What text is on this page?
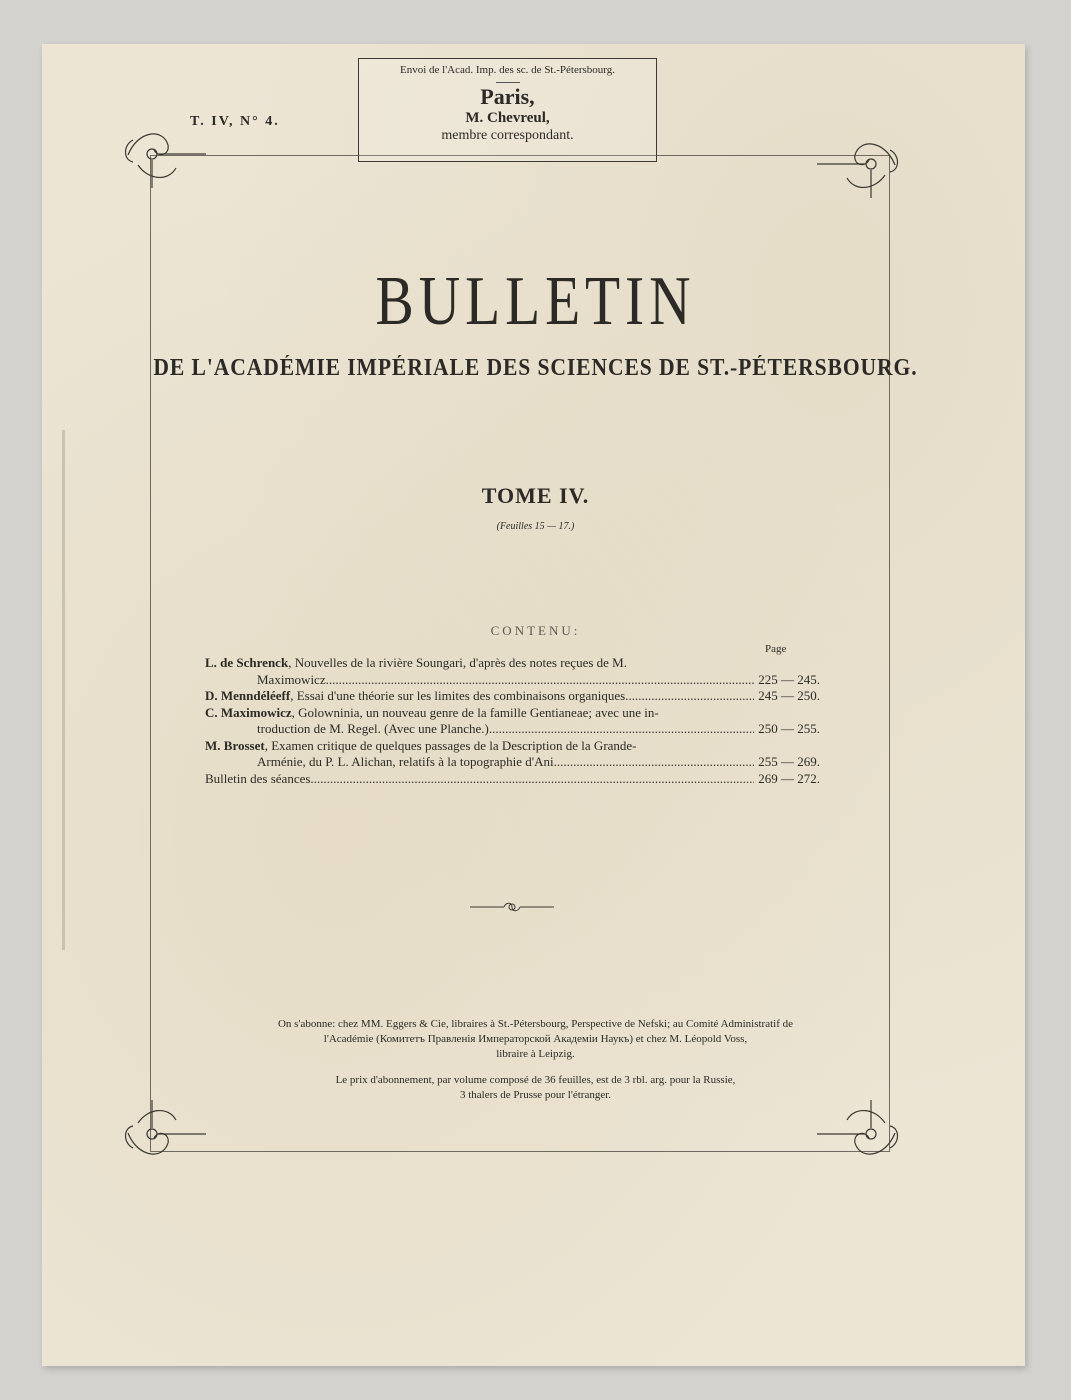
Envoi de l'Acad. Imp. des sc. de St.-Pétersbourg.
Paris,
M. Chevreul,
membre correspondant.
T. IV, N° 4.
BULLETIN
DE L'ACADÉMIE IMPÉRIALE DES SCIENCES DE ST.-PÉTERSBOURG.
TOME IV.
(Feuilles 15 — 17.)
CONTENU:
Page
L. de Schrenck, Nouvelles de la rivière Soungari, d'après des notes reçues de M.
Maximowicz .....	225 — 245.
D. Menndéléeff, Essai d'une théorie sur les limites des combinaisons organiques .....	245 — 250.
C. Maximowicz, Golowninia, un nouveau genre de la famille Gentianeae; avec une in-
troduction de M. Regel. (Avec une Planche.) .....	250 — 255.
M. Brosset, Examen critique de quelques passages de la Description de la Grande-
Arménie, du P. L. Alichan, relatifs à la topographie d'Ani .....	255 — 269.
Bulletin des séances .....	269 — 272.
On s'abonne: chez MM. Eggers & Cie, libraires à St.-Pétersbourg, Perspective de Nefski; au Comité Administratif de
l'Académie (Комитетъ Правленія Императорской Академіи Наукъ) et chez M. Léopold Voss,
libraire à Leipzig.
Le prix d'abonnement, par volume composé de 36 feuilles, est de 3 rbl. arg. pour la Russie,
3 thalers de Prusse pour l'étranger.
